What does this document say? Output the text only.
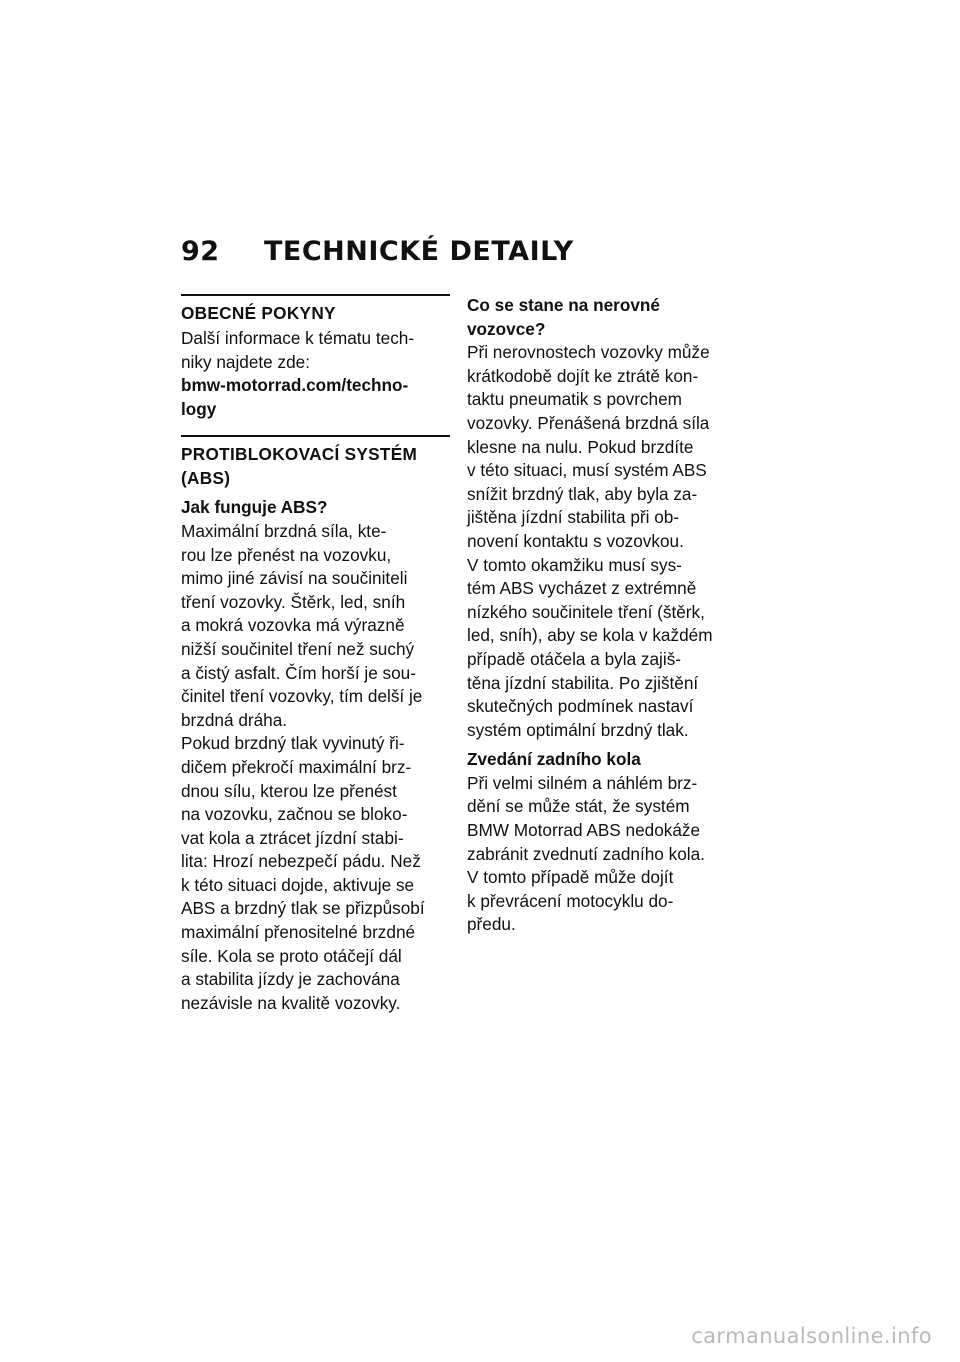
92 TECHNICKÉ DETAILY
OBECNÉ POKYNY

Další informace k tématu tech-
niky najdete zde:

bmw-motorrad.com/techno-
logy

PROTIBLOKOVACÍ SYSTÉM
(ABS)
Jak funguje ABS?

Maximální brzdná síla, kte-
rou lze přenést na vozovku,
mimo jiné závisí na součiniteli
tření vozovky. Štěrk, led, sníh
a mokrá vozovka má výrazně
nižší součinitel tření než suchý
a čistý asfalt. Čím horší je sou-
činitel tření vozovky, tím delší je
brzdná dráha.

Pokud brzdný tlak vyvinutý ři-
dičem překročí maximální brz-
dnou sílu, kterou lze přenést
na vozovku, začnou se bloko-
vat kola a ztrácet jízdní stabi-
lita: Hrozí nebezpečí pádu. Než
k této situaci dojde, aktivuje se
ABS a brzdný tlak se přizpůsobí
maximální přenositelné brzdné
síle. Kola se proto otáčejí dál
a stabilita jízdy je zachována
nezávisle na kvalitě vozovky.

Co se stane na nerovné
vozovce?

Při nerovnostech vozovky může
krátkodobě dojít ke ztrátě kon-
taktu pneumatik s povrchem
vozovky. Přenášená brzdná síla
klesne na nulu. Pokud brzdíte
v této situaci, musí systém ABS
snížit brzdný tlak, aby byla za-
jištěna jízdní stabilita při ob-
novení kontaktu s vozovkou.

V tomto okamžiku musí sys-
tém ABS vycházet z extrémně
nízkého součinitele tření (štěrk,
led, sníh), aby se kola v každém
případě otáčela a byla zajiš-
těna jízdní stabilita. Po zjištění
skutečných podmínek nastaví
systém optimální brzdný tlak.

Zvedání zadního kola

Při velmi silném a náhlém brz-
dění se může stát, že systém
BMW Motorrad ABS nedokáže
zabránit zvednutí zadního kola.
V tomto případě může dojít
k převrácení motocyklu do-
předu.

carmanualsonline.info
